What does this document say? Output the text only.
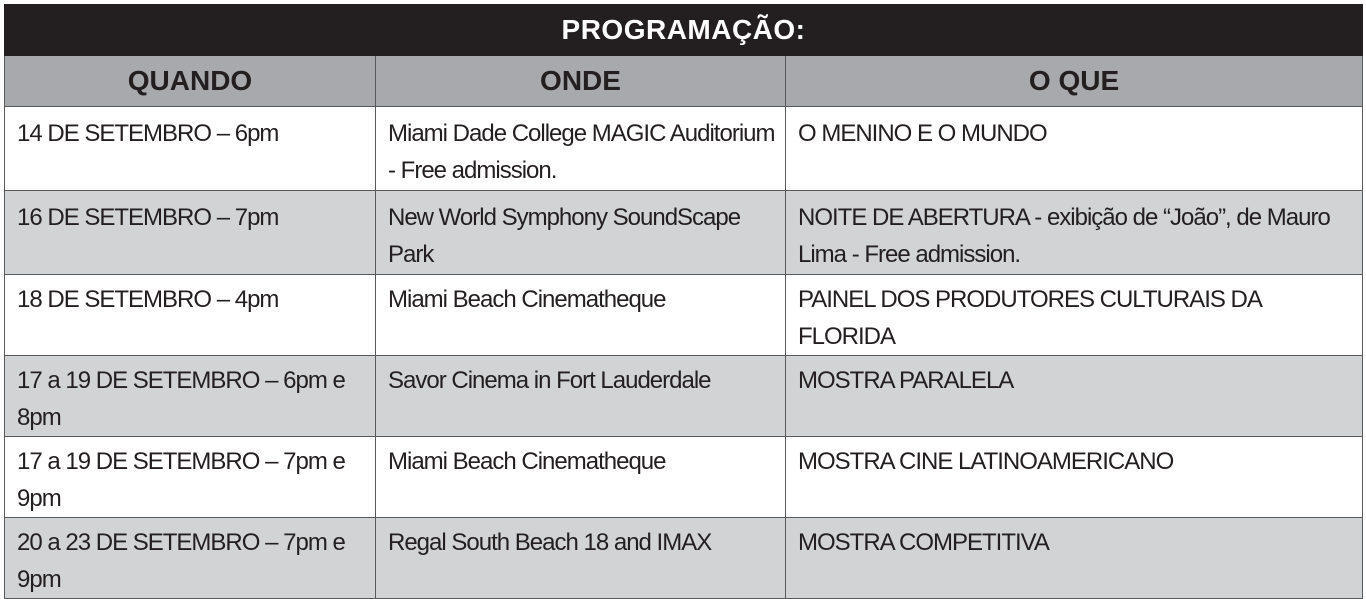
PROGRAMAÇÃO:		
QUANDO	ONDE	O QUE
14 DE SETEMBRO – 6pm	Miami Dade College MAGIC Auditorium - Free admission.	O MENINO E O MUNDO
16 DE SETEMBRO – 7pm	New World Symphony SoundScape Park	NOITE DE ABERTURA - exibição de “João”, de Mauro Lima - Free admission.
18 DE SETEMBRO – 4pm	Miami Beach Cinematheque	PAINEL DOS PRODUTORES CULTURAIS DA FLORIDA
17 a 19 DE SETEMBRO – 6pm e 8pm	Savor Cinema in Fort Lauderdale	MOSTRA PARALELA
17 a 19 DE SETEMBRO – 7pm e 9pm	Miami Beach Cinematheque	MOSTRA CINE LATINOAMERICANO
20 a 23 DE SETEMBRO – 7pm e 9pm	Regal South Beach 18 and IMAX	MOSTRA COMPETITIVA
